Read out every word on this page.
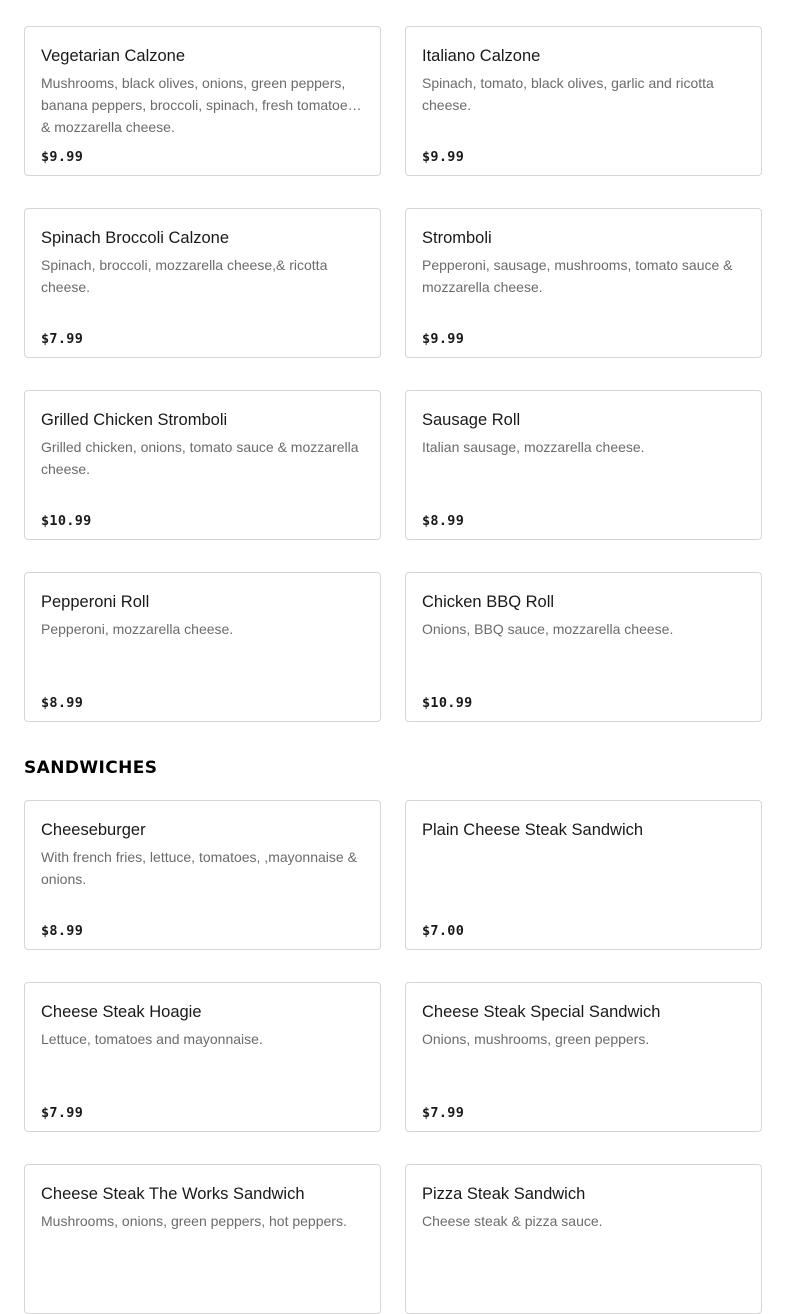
Vegetarian Calzone
Mushrooms, black olives, onions, green peppers, banana peppers, broccoli, spinach, fresh tomatoes & mozzarella cheese.
$9.99
Italiano Calzone
Spinach, tomato, black olives, garlic and ricotta cheese.
$9.99
Spinach Broccoli Calzone
Spinach, broccoli, mozzarella cheese,& ricotta cheese.
$7.99
Stromboli
Pepperoni, sausage, mushrooms, tomato sauce & mozzarella cheese.
$9.99
Grilled Chicken Stromboli
Grilled chicken, onions, tomato sauce & mozzarella cheese.
$10.99
Sausage Roll
Italian sausage, mozzarella cheese.
$8.99
Pepperoni Roll
Pepperoni, mozzarella cheese.
$8.99
Chicken BBQ Roll
Onions, BBQ sauce, mozzarella cheese.
$10.99
SANDWICHES
Cheeseburger
With french fries, lettuce, tomatoes, ,mayonnaise & onions.
$8.99
Plain Cheese Steak Sandwich
$7.00
Cheese Steak Hoagie
Lettuce, tomatoes and mayonnaise.
$7.99
Cheese Steak Special Sandwich
Onions, mushrooms, green peppers.
$7.99
Cheese Steak The Works Sandwich
Mushrooms, onions, green peppers, hot peppers.
Pizza Steak Sandwich
Cheese steak & pizza sauce.
